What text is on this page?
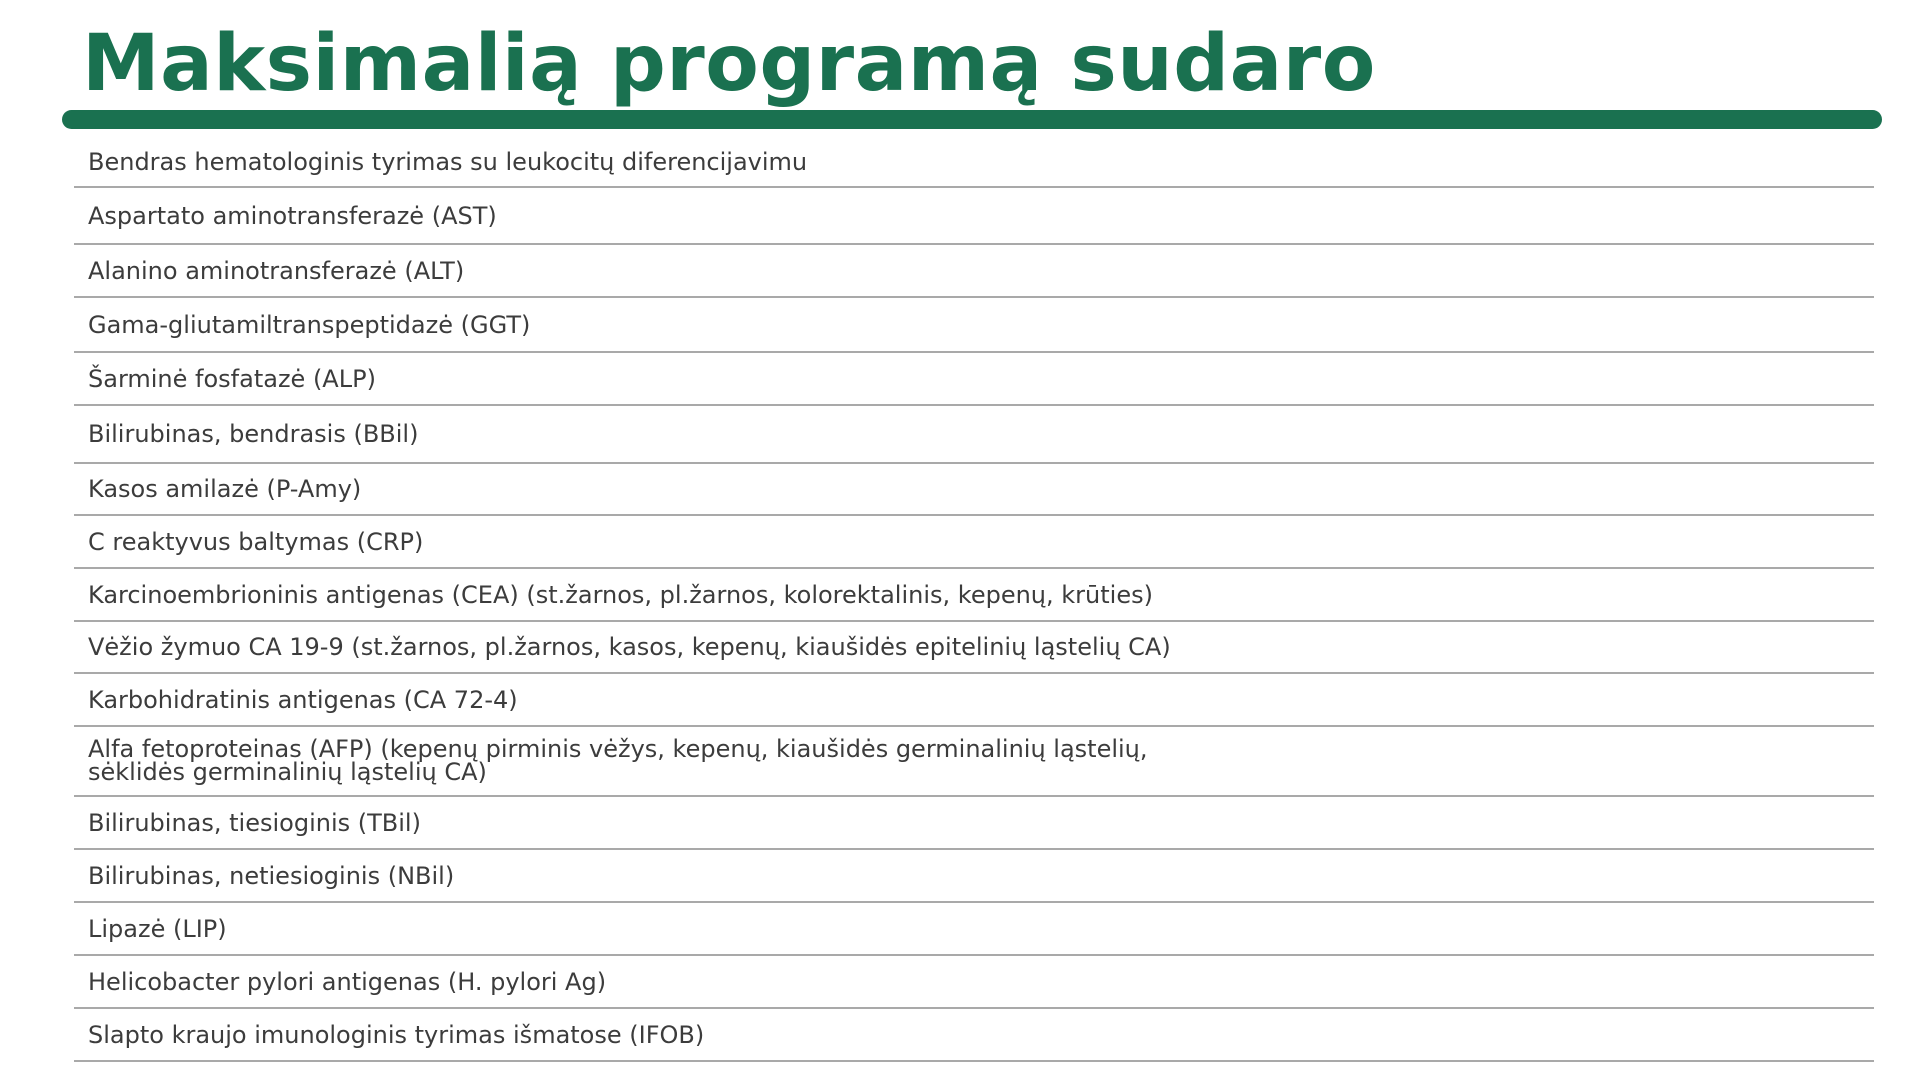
Maksimalią programą sudaro
Bendras hematologinis tyrimas su leukocitų diferencijavimu
Aspartato aminotransferazė (AST)
Alanino aminotransferazė (ALT)
Gama-gliutamiltranspeptidazė (GGT)
Šarminė fosfatazė (ALP)
Bilirubinas, bendrasis (BBil)
Kasos amilazė (P-Amy)
C reaktyvus baltymas (CRP)
Karcinoembrioninis antigenas (CEA) (st.žarnos, pl.žarnos, kolorektalinis, kepenų, krūties)
Vėžio žymuo CA 19-9 (st.žarnos, pl.žarnos, kasos, kepenų, kiaušidės epitelinių ląstelių CA)
Karbohidratinis antigenas (CA 72-4)
Alfa fetoproteinas (AFP) (kepenų pirminis vėžys, kepenų, kiaušidės germinalinių ląstelių,
sėklidės germinalinių ląstelių CA)
Bilirubinas, tiesioginis (TBil)
Bilirubinas, netiesioginis (NBil)
Lipazė (LIP)
Helicobacter pylori antigenas (H. pylori Ag)
Slapto kraujo imunologinis tyrimas išmatose (IFOB)
